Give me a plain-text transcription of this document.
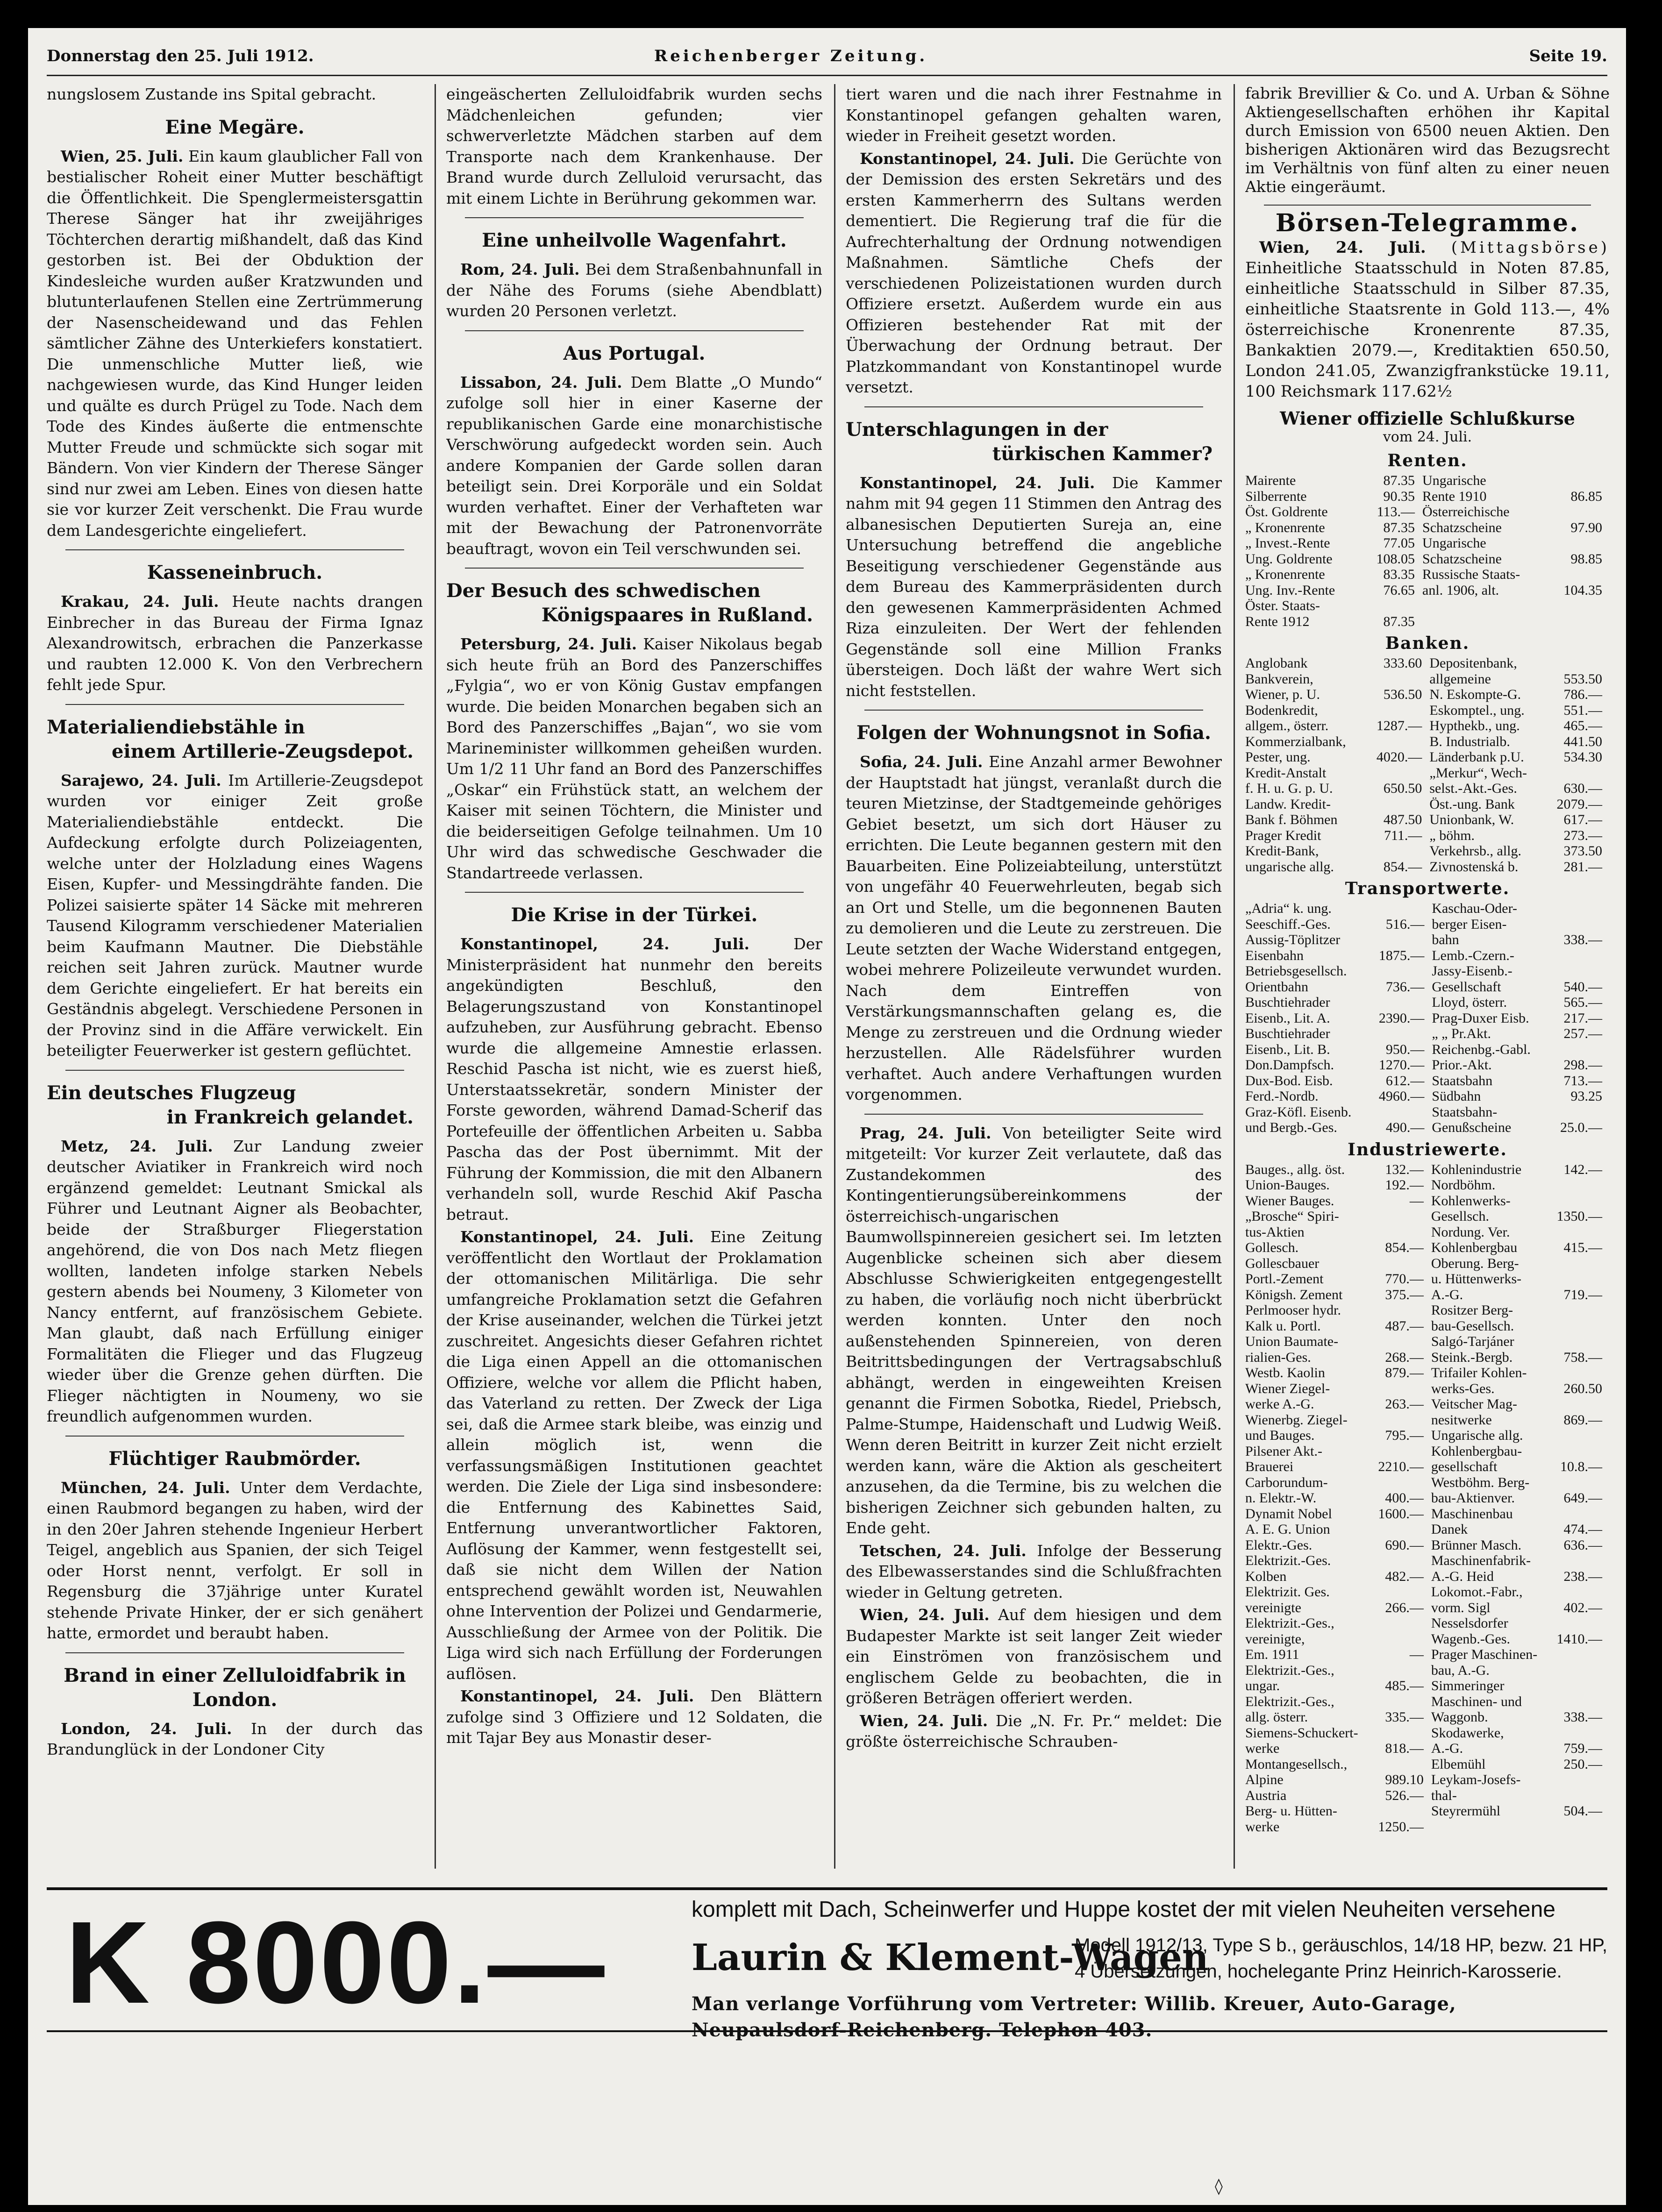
Donnerstag den 25. Juli 1912.	Reichenberger Zeitung.	Seite 19.

nungslosem Zustande ins Spital gebracht.

Eine Megäre.

Wien, 25. Juli. Ein kaum glaublicher Fall von bestialischer Roheit einer Mutter beschäftigt die Öffentlichkeit. Die Spenglermeistersgattin Therese Sänger hat ihr zweijähriges Töchterchen derartig mißhandelt, daß das Kind gestorben ist. Bei der Obduktion der Kindesleiche wurden außer Kratzwunden und blutunterlaufenen Stellen eine Zertrümmerung der Nasenscheidewand und das Fehlen sämtlicher Zähne des Unterkiefers konstatiert. Die unmenschliche Mutter ließ, wie nachgewiesen wurde, das Kind Hunger leiden und quälte es durch Prügel zu Tode. Nach dem Tode des Kindes äußerte die entmenschte Mutter Freude und schmückte sich sogar mit Bändern. Von vier Kindern der Therese Sänger sind nur zwei am Leben. Eines von diesen hatte sie vor kurzer Zeit verschenkt. Die Frau wurde dem Landesgerichte eingeliefert.

Kasseneinbruch.

Krakau, 24. Juli. Heute nachts drangen Einbrecher in das Bureau der Firma Ignaz Alexandrowitsch, erbrachen die Panzerkasse und raubten 12.000 K. Von den Verbrechern fehlt jede Spur.

Materialiendiebstähle in
einem Artillerie-Zeugsdepot.

Sarajewo, 24. Juli. Im Artillerie-Zeugsdepot wurden vor einiger Zeit große Materialiendiebstähle entdeckt. Die Aufdeckung erfolgte durch Polizeiagenten, welche unter der Holzladung eines Wagens Eisen, Kupfer- und Messingdrähte fanden. Die Polizei saisierte später 14 Säcke mit mehreren Tausend Kilogramm verschiedener Materialien beim Kaufmann Mautner. Die Diebstähle reichen seit Jahren zurück. Mautner wurde dem Gerichte eingeliefert. Er hat bereits ein Geständnis abgelegt. Verschiedene Personen in der Provinz sind in die Affäre verwickelt. Ein beteiligter Feuerwerker ist gestern geflüchtet.

Ein deutsches Flugzeug
in Frankreich gelandet.

Metz, 24. Juli. Zur Landung zweier deutscher Aviatiker in Frankreich wird noch ergänzend gemeldet: Leutnant Smickal als Führer und Leutnant Aigner als Beobachter, beide der Straßburger Fliegerstation angehörend, die von Dos nach Metz fliegen wollten, landeten infolge starken Nebels gestern abends bei Noumeny, 3 Kilometer von Nancy entfernt, auf französischem Gebiete. Man glaubt, daß nach Erfüllung einiger Formalitäten die Flieger und das Flugzeug wieder über die Grenze gehen dürften. Die Flieger nächtigten in Noumeny, wo sie freundlich aufgenommen wurden.

Flüchtiger Raubmörder.

München, 24. Juli. Unter dem Verdachte, einen Raubmord begangen zu haben, wird der in den 20er Jahren stehende Ingenieur Herbert Teigel, angeblich aus Spanien, der sich Teigel oder Horst nennt, verfolgt. Er soll in Regensburg die 37jährige unter Kuratel stehende Private Hinker, der er sich genähert hatte, ermordet und beraubt haben.

Brand in einer Zelluloidfabrik in London.

London, 24. Juli. In der durch das Brandunglück in der Londoner City

eingeäscherten Zelluloidfabrik wurden sechs Mädchenleichen gefunden; vier schwerverletzte Mädchen starben auf dem Transporte nach dem Krankenhause. Der Brand wurde durch Zelluloid verursacht, das mit einem Lichte in Berührung gekommen war.

Eine unheilvolle Wagenfahrt.

Rom, 24. Juli. Bei dem Straßenbahnunfall in der Nähe des Forums (siehe Abendblatt) wurden 20 Personen verletzt.

Aus Portugal.

Lissabon, 24. Juli. Dem Blatte „O Mundo“ zufolge soll hier in einer Kaserne der republikanischen Garde eine monarchistische Verschwörung aufgedeckt worden sein. Auch andere Kompanien der Garde sollen daran beteiligt sein. Drei Korporäle und ein Soldat wurden verhaftet. Einer der Verhafteten war mit der Bewachung der Patronenvorräte beauftragt, wovon ein Teil verschwunden sei.

Der Besuch des schwedischen
Königspaares in Rußland.

Petersburg, 24. Juli. Kaiser Nikolaus begab sich heute früh an Bord des Panzerschiffes „Fylgia“, wo er von König Gustav empfangen wurde. Die beiden Monarchen begaben sich an Bord des Panzerschiffes „Bajan“, wo sie vom Marineminister willkommen geheißen wurden. Um 1/2 11 Uhr fand an Bord des Panzerschiffes „Oskar“ ein Frühstück statt, an welchem der Kaiser mit seinen Töchtern, die Minister und die beiderseitigen Gefolge teilnahmen. Um 10 Uhr wird das schwedische Geschwader die Standartreede verlassen.

Die Krise in der Türkei.

Konstantinopel, 24. Juli.	Der Ministerpräsident hat nunmehr den bereits angekündigten Beschluß, den Belagerungszustand von Konstantinopel aufzuheben, zur Ausführung gebracht. Ebenso wurde die allgemeine Amnestie erlassen. Reschid Pascha ist nicht, wie es zuerst hieß, Unterstaatssekretär, sondern Minister der Forste geworden, während Damad-Scherif das Portefeuille der öffentlichen Arbeiten u. Sabba Pascha das der Post übernimmt. Mit der Führung der Kommission, die mit den Albanern verhandeln soll, wurde Reschid Akif Pascha betraut.

Konstantinopel, 24. Juli. Eine Zeitung veröffentlicht den Wortlaut der Proklamation der ottomanischen Militärliga. Die sehr umfangreiche Proklamation setzt die Gefahren der Krise auseinander, welchen die Türkei jetzt zuschreitet. Angesichts dieser Gefahren richtet die Liga einen Appell an die ottomanischen Offiziere, welche vor allem die Pflicht haben, das Vaterland zu retten. Der Zweck der Liga sei, daß die Armee stark bleibe, was einzig und allein möglich ist, wenn die verfassungsmäßigen Institutionen geachtet werden. Die Ziele der Liga sind insbesondere: die Entfernung des Kabinettes Said, Entfernung unverantwortlicher Faktoren, Auflösung der Kammer, wenn festgestellt sei, daß sie nicht dem Willen der Nation entsprechend gewählt worden ist, Neuwahlen ohne Intervention der Polizei und Gendarmerie, Ausschließung der Armee von der Politik. Die Liga wird sich nach Erfüllung der Forderungen auflösen.

Konstantinopel, 24. Juli. Den Blättern zufolge sind 3 Offiziere und 12 Soldaten, die mit Tajar Bey aus Monastir deser-

tiert waren und die nach ihrer Festnahme in Konstantinopel gefangen gehalten waren, wieder in Freiheit gesetzt worden.

Konstantinopel, 24. Juli. Die Gerüchte von der Demission des ersten Sekretärs und des ersten Kammerherrn des Sultans werden dementiert. Die Regierung traf die für die Aufrechterhaltung der Ordnung notwendigen Maßnahmen. Sämtliche Chefs der verschiedenen Polizeistationen wurden durch Offiziere ersetzt. Außerdem wurde ein aus Offizieren bestehender Rat mit der Überwachung der Ordnung betraut. Der Platzkommandant von Konstantinopel wurde versetzt.

Unterschlagungen in der
türkischen Kammer?

Konstantinopel, 24. Juli. Die Kammer nahm mit 94 gegen 11 Stimmen den Antrag des albanesischen Deputierten Sureja an, eine Untersuchung betreffend die angebliche Beseitigung verschiedener Gegenstände aus dem Bureau des Kammerpräsidenten durch den gewesenen Kammerpräsidenten Achmed Riza einzuleiten. Der Wert der fehlenden Gegenstände soll eine Million Franks übersteigen. Doch läßt der wahre Wert sich nicht feststellen.

Folgen der Wohnungsnot in Sofia.

Sofia, 24. Juli. Eine Anzahl armer Bewohner der Hauptstadt hat jüngst, veranlaßt durch die teuren Mietzinse, der Stadtgemeinde gehöriges Gebiet besetzt, um sich dort Häuser zu errichten. Die Leute begannen gestern mit den Bauarbeiten. Eine Polizeiabteilung, unterstützt von ungefähr 40 Feuerwehrleuten, begab sich an Ort und Stelle, um die begonnenen Bauten zu demolieren und die Leute zu zerstreuen. Die Leute setzten der Wache Widerstand entgegen, wobei mehrere Polizeileute verwundet wurden. Nach dem Eintreffen von Verstärkungsmannschaften gelang es, die Menge zu zerstreuen und die Ordnung wieder herzustellen. Alle Rädelsführer wurden verhaftet. Auch andere Verhaftungen wurden vorgenommen.

Prag, 24. Juli. Von beteiligter Seite wird mitgeteilt: Vor kurzer Zeit verlautete, daß das Zustandekommen des Kontingentierungsübereinkommens der österreichisch-ungarischen Baumwollspinnereien gesichert sei. Im letzten Augenblicke scheinen sich aber diesem Abschlusse Schwierigkeiten entgegengestellt zu haben, die vorläufig noch nicht überbrückt werden konnten. Unter den noch außenstehenden Spinnereien, von deren Beitrittsbedingungen der Vertragsabschluß abhängt, werden in eingeweihten Kreisen genannt die Firmen Sobotka, Riedel, Priebsch, Palme-Stumpe, Haidenschaft und Ludwig Weiß. Wenn deren Beitritt in kurzer Zeit nicht erzielt werden kann, wäre die Aktion als gescheitert anzusehen, da die Termine, bis zu welchen die bisherigen Zeichner sich gebunden halten, zu Ende geht.

Tetschen, 24. Juli. Infolge der Besserung des Elbewasserstandes sind die Schlußfrachten wieder in Geltung getreten.

Wien, 24. Juli. Auf dem hiesigen und dem Budapester Markte ist seit langer Zeit wieder ein Einströmen von französischem und englischem Gelde zu beobachten, die in größeren Beträgen offeriert werden.

Wien, 24. Juli. Die „N. Fr. Pr.“ meldet: Die größte österreichische Schrauben-

fabrik Brevillier & Co. und A. Urban & Söhne Aktiengesellschaften erhöhen ihr Kapital durch Emission von 6500 neuen Aktien. Den bisherigen Aktionären wird das Bezugsrecht im Verhältnis von fünf alten zu einer neuen Aktie eingeräumt.

Börsen-Telegramme.

Wien, 24. Juli. (Mittagsbörse) Einheitliche Staatsschuld in Noten 87.85, einheitliche Staatsschuld in Silber 87.35, einheitliche Staatsrente in Gold 113.—, 4% österreichische Kronenrente 87.35, Bankaktien 2079.—, Kreditaktien 650.50, London 241.05, Zwanzigfrankstücke 19.11, 100 Reichsmark 117.62½

Wiener offizielle Schlußkurse
vom 24. Juli.
Renten.
Mairente	87.35	Ungarische	
Silberrente	90.35	Rente 1910	86.85
Öst. Goldrente	113.—	Österreichische	
„ Kronenrente	87.35	Schatzscheine	97.90
„ Invest.-Rente	77.05	Ungarische	
Ung. Goldrente	108.05	Schatzscheine	98.85
„ Kronenrente	83.35	Russische Staats-	
Ung. Inv.-Rente	76.65	anl. 1906, alt.	104.35
Öster. Staats-			
Rente 1912	87.35		
Banken.
Anglobank	333.60	Depositenbank,	
Bankverein,		allgemeine	553.50
Wiener, p. U.	536.50	N. Eskompte-G.	786.—
Bodenkredit,		Eskomptel., ung.	551.—
allgem., österr.	1287.—	Hypthekb., ung.	465.—
Kommerzialbank,		B. Industrialb.	441.50
Pester, ung.	4020.—	Länderbank p.U.	534.30
Kredit-Anstalt		„Merkur“, Wech-	
f. H. u. G. p. U.	650.50	selst.-Akt.-Ges.	630.—
Landw. Kredit-		Öst.-ung. Bank	2079.—
Bank f. Böhmen	487.50	Unionbank, W.	617.—
Prager Kredit	711.—	„ böhm.	273.—
Kredit-Bank,		Verkehrsb., allg.	373.50
ungarische allg.	854.—	Zivnostenská b.	281.—
Transportwerte.
„Adria“ k. ung.		Kaschau-Oder-	
Seeschiff.-Ges.	516.—	berger Eisen-	
Aussig-Töplitzer		bahn	338.—
Eisenbahn	1875.—	Lemb.-Czern.-	
Betriebsgesellsch.		Jassy-Eisenb.-	
Orientbahn	736.—	Gesellschaft	540.—
Buschtiehrader		Lloyd, österr.	565.—
Eisenb., Lit. A.	2390.—	Prag-Duxer Eisb.	217.—
Buschtiehrader		„ „ Pr.Akt.	257.—
Eisenb., Lit. B.	950.—	Reichenbg.-Gabl.	
Don.Dampfsch.	1270.—	Prior.-Akt.	298.—
Dux-Bod. Eisb.	612.—	Staatsbahn	713.—
Ferd.-Nordb.	4960.—	Südbahn	93.25
Graz-Köfl. Eisenb.		Staatsbahn-	
und Bergb.-Ges.	490.—	Genußscheine	25.0.—
Industriewerte.
Bauges., allg. öst.	132.—	Kohlenindustrie	142.—
Union-Bauges.	192.—	Nordböhm.	
Wiener Bauges.	—	Kohlenwerks-	
„Brosche“ Spiri-		Gesellsch.	1350.—
tus-Aktien		Nordung. Ver.	
Gollesch.	854.—	Kohlenbergbau	415.—
Gollescbauer		Oberung. Berg-	
Portl.-Zement	770.—	u. Hüttenwerks-	
Königsh. Zement	375.—	A.-G.	719.—
Perlmooser hydr.		Rositzer Berg-	
Kalk u. Portl.	487.—	bau-Gesellsch.	
Union Baumate-		Salgó-Tarjáner	
rialien-Ges.	268.—	Steink.-Bergb.	758.—
Westb. Kaolin	879.—	Trifailer Kohlen-	
Wiener Ziegel-		werks-Ges.	260.50
werke A.-G.	263.—	Veitscher Mag-	
Wienerbg. Ziegel-		nesitwerke	869.—
und Bauges.	795.—	Ungarische allg.	
Pilsener Akt.-		Kohlenbergbau-	
Brauerei	2210.—	gesellschaft	10.8.—
Carborundum-		Westböhm. Berg-	
n. Elektr.-W.	400.—	bau-Aktienver.	649.—
Dynamit Nobel	1600.—	Maschinenbau	
A. E. G. Union		Danek	474.—
Elektr.-Ges.	690.—	Brünner Masch.	636.—
Elektrizit.-Ges.		Maschinenfabrik-	
Kolben	482.—	A.-G. Heid	238.—
Elektrizit. Ges.		Lokomot.-Fabr.,	
vereinigte	266.—	vorm. Sigl	402.—
Elektrizit.-Ges.,		Nesselsdorfer	
vereinigte,		Wagenb.-Ges.	1410.—
Em. 1911	—	Prager Maschinen-	
Elektrizit.-Ges.,		bau, A.-G.	
ungar.	485.—	Simmeringer	
Elektrizit.-Ges.,		Maschinen- und	
allg. österr.	335.—	Waggonb.	338.—
Siemens-Schuckert-		Skodawerke,	
werke	818.—	A.-G.	759.—
Montangesellsch.,		Elbemühl	250.—
Alpine	989.10	Leykam-Josefs-	
Austria	526.—	thal-	
Berg- u. Hütten-		Steyrermühl	504.—
werke	1250.—		
K 8000.—	komplett mit Dach, Scheinwerfer und Huppe kostet der mit vielen Neuheiten versehene
Laurin & Klement-Wagen
Modell 1912/13, Type S b., geräuschlos, 14/18 HP, bezw. 21 HP, 4 Übersetzungen, hochelegante Prinz Heinrich-Karosserie.
Man verlange Vorführung vom Vertreter: Willib. Kreuer, Auto-Garage, Neupaulsdorf-Reichenberg. Telephon 403.
◊
